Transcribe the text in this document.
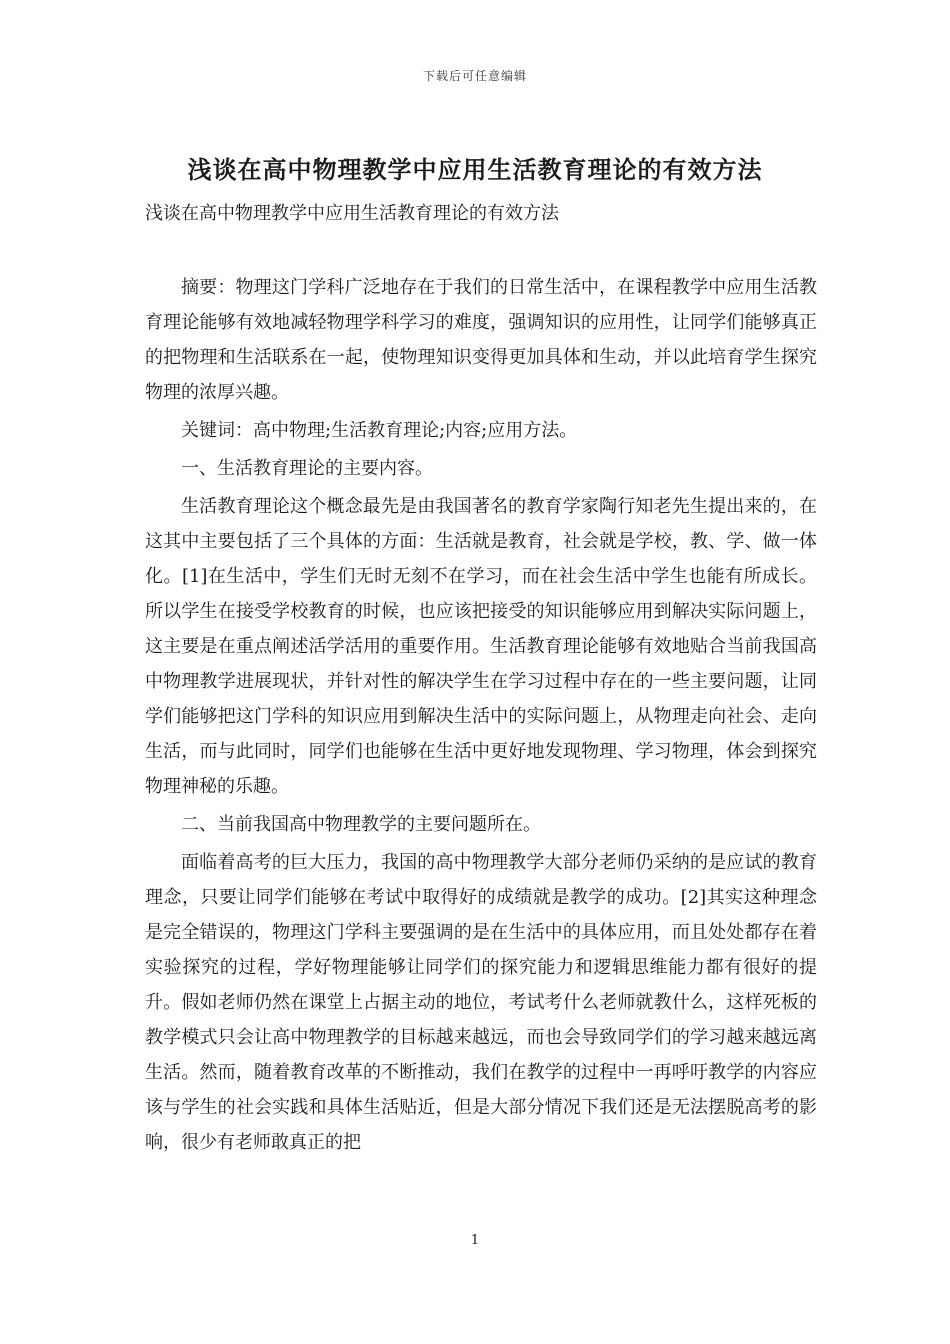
下载后可任意编辑
浅谈在高中物理教学中应用生活教育理论的有效方法

浅谈在高中物理教学中应用生活教育理论的有效方法

摘要：物理这门学科广泛地存在于我们的日常生活中，在课程教学中应用生活教育理论能够有效地减轻物理学科学习的难度，强调知识的应用性，让同学们能够真正的把物理和生活联系在一起，使物理知识变得更加具体和生动，并以此培育学生探究物理的浓厚兴趣。

关键词：高中物理;生活教育理论;内容;应用方法。

一、生活教育理论的主要内容。

生活教育理论这个概念最先是由我国著名的教育学家陶行知老先生提出来的，在这其中主要包括了三个具体的方面：生活就是教育，社会就是学校，教、学、做一体化。[1]在生活中，学生们无时无刻不在学习，而在社会生活中学生也能有所成长。所以学生在接受学校教育的时候，也应该把接受的知识能够应用到解决实际问题上，这主要是在重点阐述活学活用的重要作用。生活教育理论能够有效地贴合当前我国高中物理教学进展现状，并针对性的解决学生在学习过程中存在的一些主要问题，让同学们能够把这门学科的知识应用到解决生活中的实际问题上，从物理走向社会、走向生活，而与此同时，同学们也能够在生活中更好地发现物理、学习物理，体会到探究物理神秘的乐趣。

二、当前我国高中物理教学的主要问题所在。

面临着高考的巨大压力，我国的高中物理教学大部分老师仍采纳的是应试的教育理念，只要让同学们能够在考试中取得好的成绩就是教学的成功。[2]其实这种理念是完全错误的，物理这门学科主要强调的是在生活中的具体应用，而且处处都存在着实验探究的过程，学好物理能够让同学们的探究能力和逻辑思维能力都有很好的提升。假如老师仍然在课堂上占据主动的地位，考试考什么老师就教什么，这样死板的教学模式只会让高中物理教学的目标越来越远，而也会导致同学们的学习越来越远离生活。然而，随着教育改革的不断推动，我们在教学的过程中一再呼吁教学的内容应该与学生的社会实践和具体生活贴近，但是大部分情况下我们还是无法摆脱高考的影响，很少有老师敢真正的把

1
